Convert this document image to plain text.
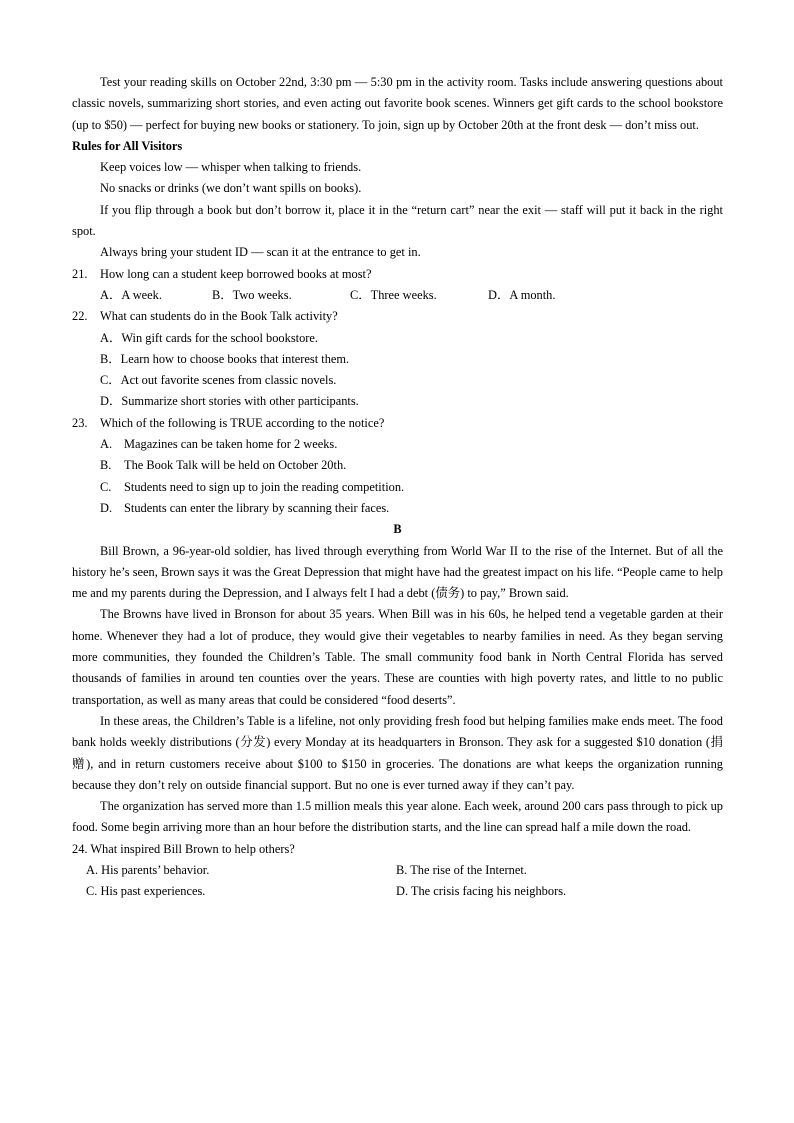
Test your reading skills on October 22nd, 3:30 pm — 5:30 pm in the activity room. Tasks include answering questions about classic novels, summarizing short stories, and even acting out favorite book scenes. Winners get gift cards to the school bookstore (up to $50) — perfect for buying new books or stationery. To join, sign up by October 20th at the front desk — don’t miss out.

Rules for All Visitors

Keep voices low — whisper when talking to friends.

No snacks or drinks (we don’t want spills on books).

If you flip through a book but don’t borrow it, place it in the “return cart” near the exit — staff will put it back in the right spot.

Always bring your student ID — scan it at the entrance to get in.

21.	How long can a student keep borrowed books at most?
A．A week.	B．Two weeks.	C．Three weeks.	D．A month.
22.	What can students do in the Book Talk activity?
A．Win gift cards for the school bookstore.
B．Learn how to choose books that interest them.
C．Act out favorite scenes from classic novels.
D．Summarize short stories with other participants.
23.	Which of the following is TRUE according to the notice?
A. Magazines can be taken home for 2 weeks.
B. The Book Talk will be held on October 20th.
C. Students need to sign up to join the reading competition.
D. Students can enter the library by scanning their faces.
B

Bill Brown, a 96-year-old soldier, has lived through everything from World War II to the rise of the Internet. But of all the history he’s seen, Brown says it was the Great Depression that might have had the greatest impact on his life. “People came to help me and my parents during the Depression, and I always felt I had a debt (债务) to pay,” Brown said.

The Browns have lived in Bronson for about 35 years. When Bill was in his 60s, he helped tend a vegetable garden at their home. Whenever they had a lot of produce, they would give their vegetables to nearby families in need. As they began serving more communities, they founded the Children’s Table. The small community food bank in North Central Florida has served thousands of families in around ten counties over the years. These are counties with high poverty rates, and little to no public transportation, as well as many areas that could be considered “food deserts”.

In these areas, the Children’s Table is a lifeline, not only providing fresh food but helping families make ends meet. The food bank holds weekly distributions (分发) every Monday at its headquarters in Bronson. They ask for a suggested $10 donation (捐赠), and in return customers receive about $100 to $150 in groceries. The donations are what keeps the organization running because they don’t rely on outside financial support. But no one is ever turned away if they can’t pay.

The organization has served more than 1.5 million meals this year alone. Each week, around 200 cars pass through to pick up food. Some begin arriving more than an hour before the distribution starts, and the line can spread half a mile down the road.

24. What inspired Bill Brown to help others?
A. His parents’ behavior.	B. The rise of the Internet.
C. His past experiences.	D. The crisis facing his neighbors.
